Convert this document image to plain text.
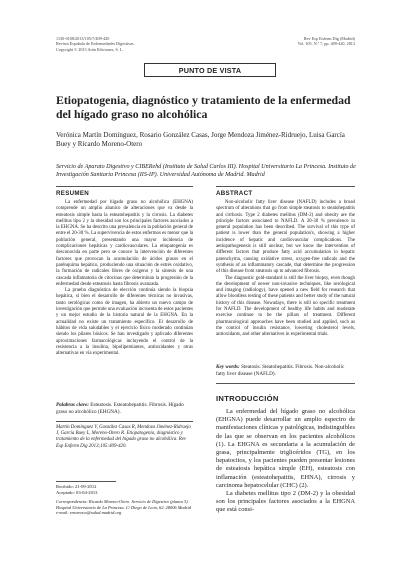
1130-0108/2013/105/7/409-420
Revista Española de Enfermedades Digestivas
Copyright © 2013 Arán Ediciones, S. L.
Rev Esp Enferm Dig (Madrid)
Vol. 105. N.º 7, pp. 409-420, 2013
PUNTO DE VISTA
Etiopatogenia, diagnóstico y tratamiento de la enfermedad del hígado graso no alcohólica
Verónica Martín Domínguez, Rosario González Casas, Jorge Mendoza Jiménez-Ridruejo, Luisa García Buey y Ricardo Moreno-Otero
Servicio de Aparato Digestivo y CIBERehd (Instituto de Salud Carlos III). Hospital Universitario La Princesa. Instituto de Investigación Sanitaria Princesa (IIS-IP). Universidad Autónoma de Madrid. Madrid
RESUMEN

La enfermedad por hígado graso no alcohólica (EHGNA) comprende un amplio abanico de alteraciones que va desde la esteatosis simple hasta la esteatohepatitis y la cirrosis. La diabetes mellitus tipo 2 y la obesidad son los principales factores asociados a la EHGNA. Se ha descrito una prevalencia en la población general de entre el 20-30 %. La supervivencia de estos enfermos es menor que la población general, presentando una mayor incidencia de complicaciones hepáticas y cardiovasculares. La etiopatogenia es desconocida en parte pero se conoce la intervención de diferentes factores que provocan la acumulación de ácidos grasos en el parénquima hepático, produciendo una situación de estrés oxidativo, la formación de radicales libres de oxígeno y la síntesis de una cascada inflamatoria de citocinas que determinan la progresión de la enfermedad desde esteatosis hasta fibrosis avanzada.

La prueba diagnóstica de elección continúa siendo la biopsia hepática, si bien el desarrollo de diferentes técnicas no invasivas, tanto serológicas como de imagen, ha abierto un nuevo campo de investigación que permite una evaluación incruenta de estos pacientes y un mejor estudio de la historia natural de la EHGNA. En la actualidad no existe un tratamiento específico. El desarrollo de hábitos de vida saludables y el ejercicio físico moderado continúan siendo los pilares básicos. Se han investigado y aplicado diferentes aproximaciones farmacológicas incluyendo el control de la resistencia a la insulina, hipolipemiantes, antioxidantes y otras alternativas en vía experimental.

Palabras clave: Esteatosis. Esteatohepatitis. Fibrosis. Hígado graso no alcohólico (EHGNA).
Martín Domínguez V, González Casas R, Mendoza Jiménez-Ridruejo J, García Buey L, Moreno-Otero R. Etiopatogenia, diagnóstico y tratamiento de la enfermedad del hígado graso no alcohólica. Rev Esp Enferm Dig 2013;105:409-420.
Recibido: 21-09-2012
Aceptado: 03-04-2013
Correspondencia: Ricardo Moreno-Otero. Servicio de Digestivo (planta 3). Hospital Universitario de La Princesa. C/ Diego de León, 62. 28006 Madrid e-mail: rmorenoo@salud.madrid.org
ABSTRACT

Non-alcoholic fatty liver disease (NAFLD) includes a broad spectrum of alterations that go from simple steatosis to steatohepatitis and cirrhosis. Type 2 diabetes mellitus (DM-2) and obesity are the principle factors associated to NAFLD. A 20-30 % prevalence in general population has been described. The survival of this type of patient is lower than the general population's, showing a higher incidence of hepatic and cardiovascular complications. The aetiopathogenesis is still unclear, but we know the intervention of different factors that produce fatty acid accumulation in hepatic parenchyma, causing oxidative stress, oxygen-free radicals and the synthesis of an inflammatory cascade, that determine the progression of this disease from steatosis up to advanced fibrosis.

The diagnostic gold-standard is still the liver biopsy, even though the development of newer non-invasive techniques, like serological and imaging (radiology), have opened a new field for research that allow bloodless testing of these patients and better study of the natural history of this disease. Nowadays, there is still no specific treatment for NAFLD. The development of healthy life habits and moderate exercise continue to be the pillars of treatment. Different pharmacological approaches have been studied and applied, such as the control of insulin resistance, lowering cholesterol levels, antioxidants, and other alternatives in experimental trials.

Key words: Steatosis. Steatohepatitis. Fibrosis. Non-alcoholic fatty liver disease (NAFLD).
INTRODUCCIÓN

La enfermedad del hígado graso no alcohólica (EHGNA) puede desarrollar un amplio espectro de manifestaciones clínicas y patológicas, indistinguibles de las que se observan en los pacientes alcohólicos (1). La EHGNA es secundaria a la acumulación de grasa, principalmente triglicéridos (TG), en los hepatocitos, y los pacientes pueden presentar lesiones de esteatosis hepática simple (EH), esteatosis con inflamación (esteatohepatitis, EHNA), cirrosis y carcinoma hepatocelular (CHC) (2).

La diabetes mellitus tipo 2 (DM-2) y la obesidad son los principales factores asociados a la EHGNA que está consi-
